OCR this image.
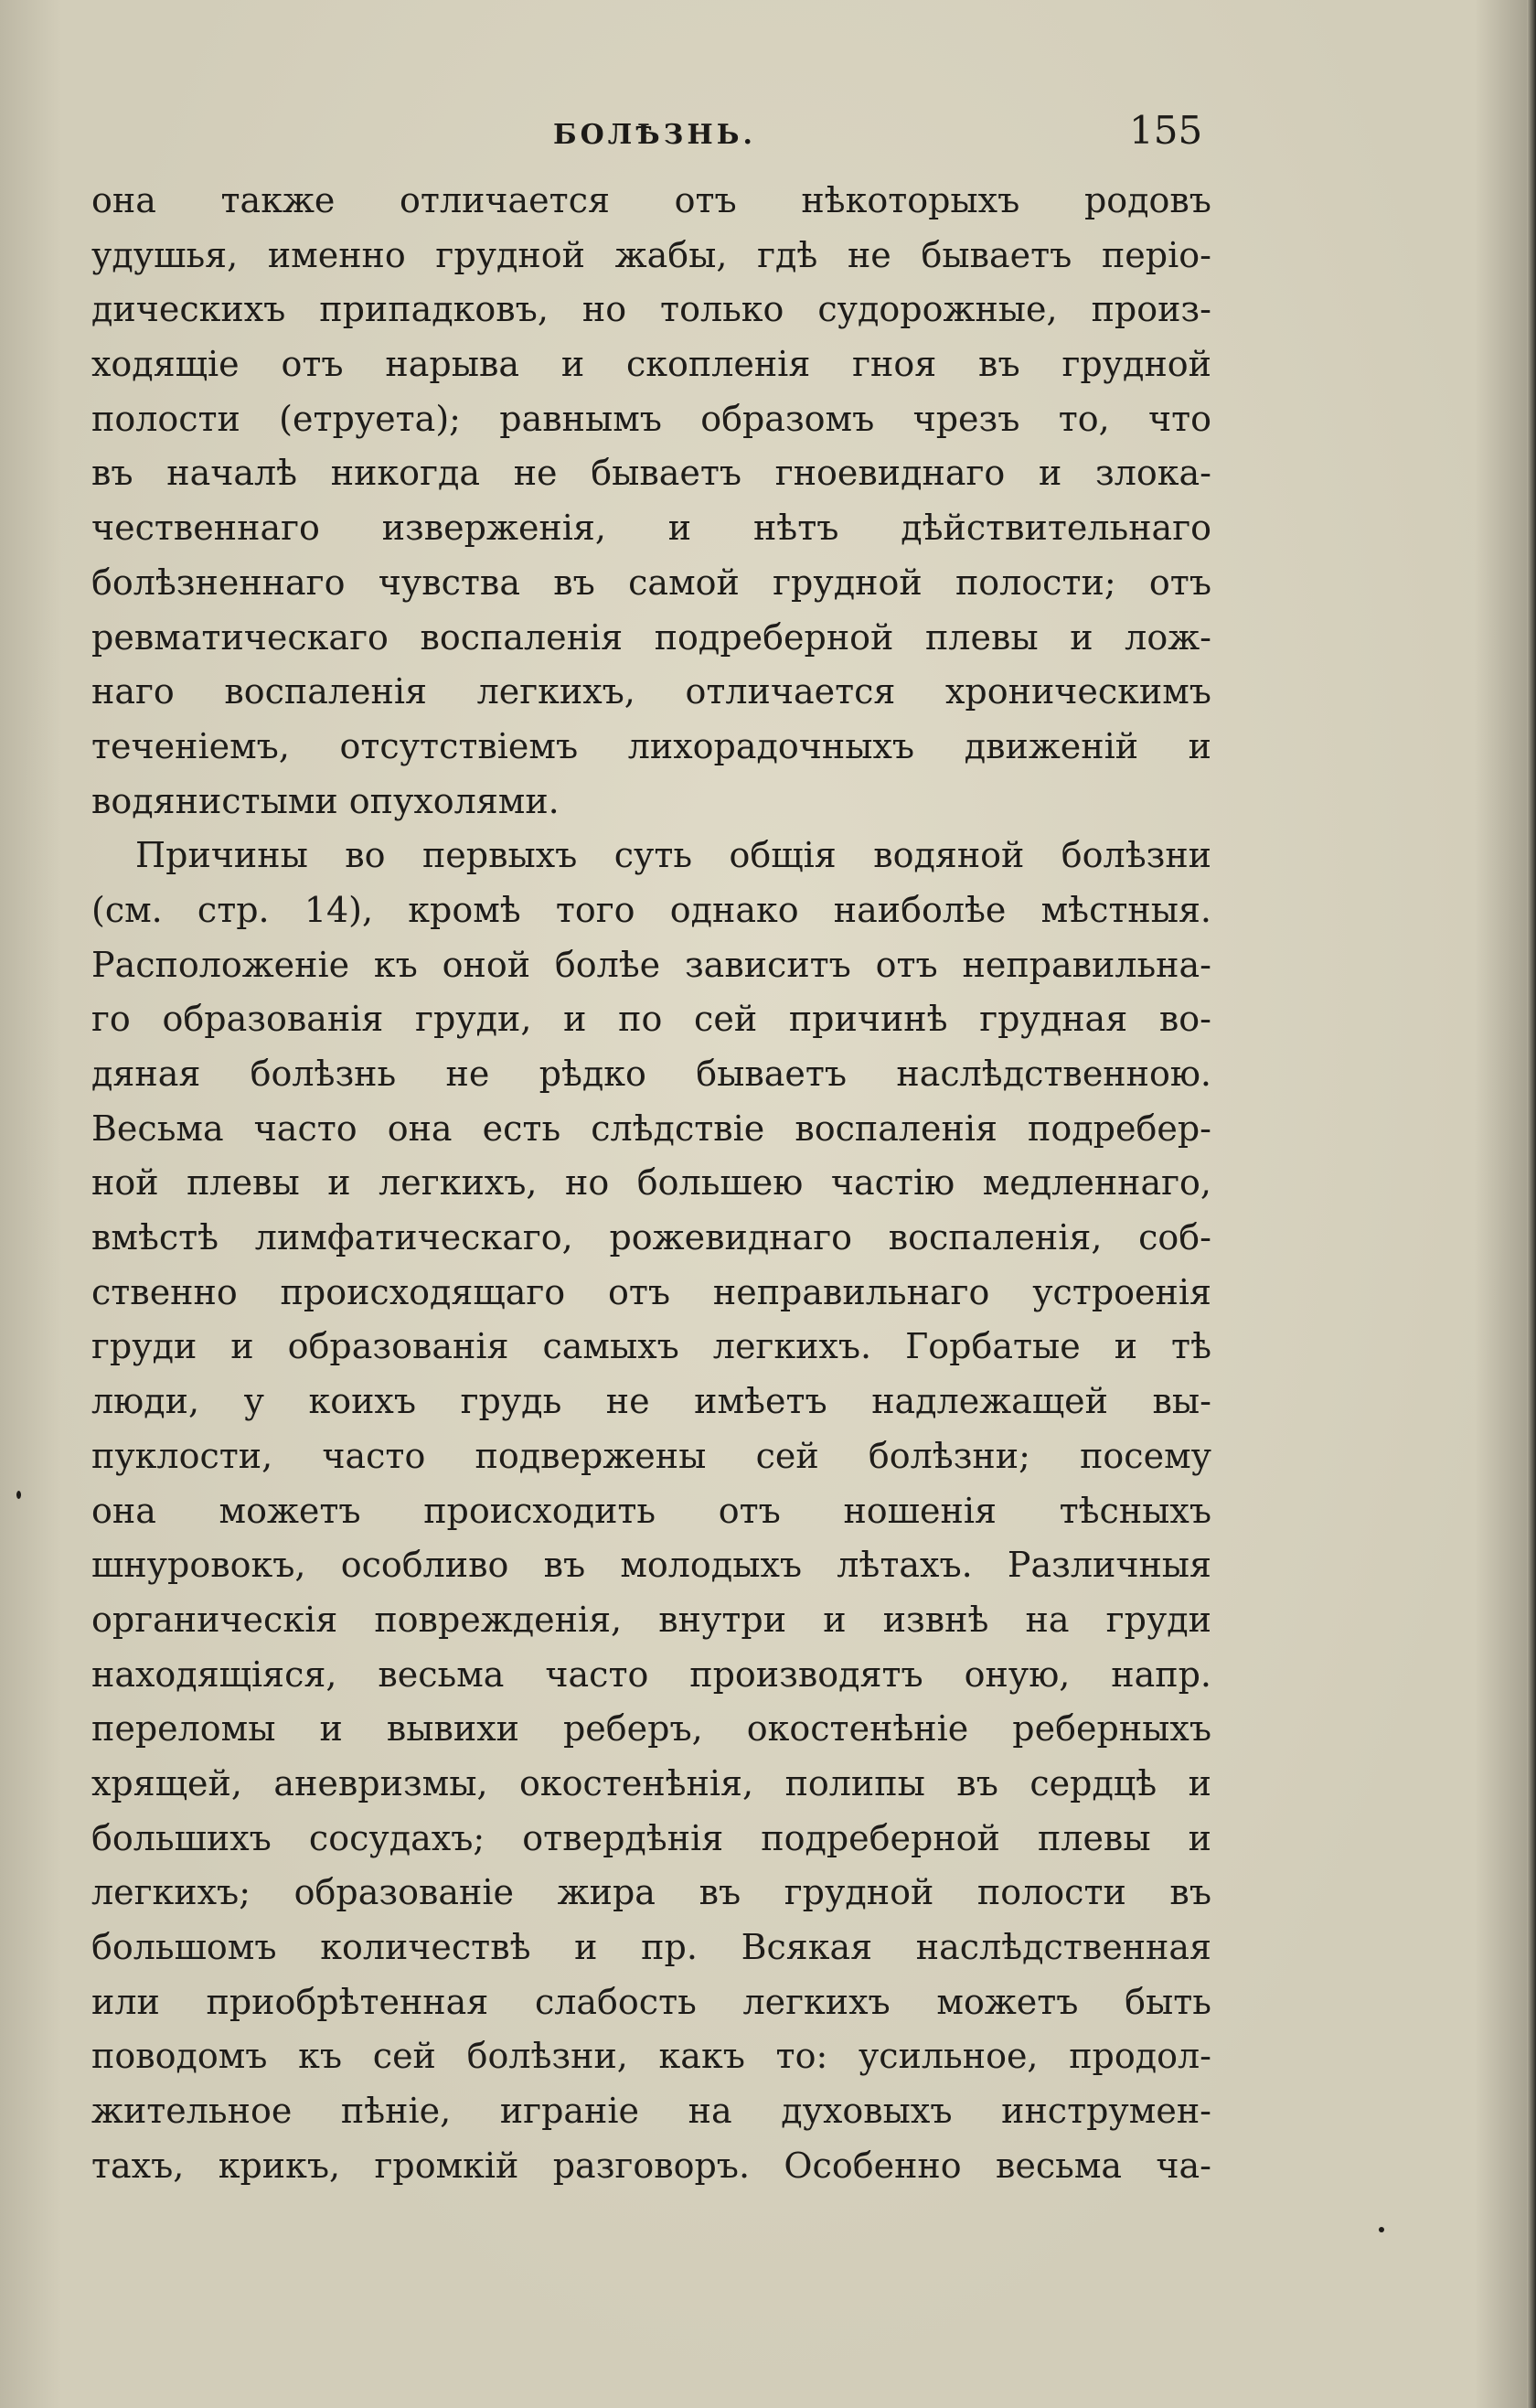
БОЛѢЗНЬ.	155
она также отличается отъ нѣкоторыхъ родовъ
удушья, именно грудной жабы, гдѣ не бываетъ періо-
дическихъ припадковъ, но только судорожные, произ-
ходящіе отъ нарыва и скопленія гноя въ грудной
полости (етруета); равнымъ образомъ чрезъ то, что
въ началѣ никогда не бываетъ гноевиднаго и злока-
чественнаго изверженія, и нѣтъ дѣйствительнаго
болѣзненнаго чувства въ самой грудной полости; отъ
ревматическаго воспаленія подреберной плевы и лож-
наго воспаленія легкихъ, отличается хроническимъ
теченіемъ, отсутствіемъ лихорадочныхъ движеній и
водянистыми опухолями.
Причины во первыхъ суть общія водяной болѣзни
(см. стр. 14), кромѣ того однако наиболѣе мѣстныя.
Расположеніе къ оной болѣе зависитъ отъ неправильна-
го образованія груди, и по сей причинѣ грудная во-
дяная болѣзнь не рѣдко бываетъ наслѣдственною.
Весьма часто она есть слѣдствіе воспаленія подребер-
ной плевы и легкихъ, но большею частію медленнаго,
вмѣстѣ лимфатическаго, рожевиднаго воспаленія, соб-
ственно происходящаго отъ неправильнаго устроенія
груди и образованія самыхъ легкихъ. Горбатые и тѣ
люди, у коихъ грудь не имѣетъ надлежащей вы-
пуклости, часто подвержены сей болѣзни; посему
она можетъ происходить отъ ношенія тѣсныхъ
шнуровокъ, особливо въ молодыхъ лѣтахъ. Различныя
органическія поврежденія, внутри и извнѣ на груди
находящіяся, весьма часто производятъ оную, напр.
переломы и вывихи реберъ, окостенѣніе реберныхъ
хрящей, аневризмы, окостенѣнія, полипы въ сердцѣ и
большихъ сосудахъ; отвердѣнія подреберной плевы и
легкихъ; образованіе жира въ грудной полости въ
большомъ количествѣ и пр. Всякая наслѣдственная
или приобрѣтенная слабость легкихъ можетъ быть
поводомъ къ сей болѣзни, какъ то: усильное, продол-
жительное пѣніе, играніе на духовыхъ инструмен-
тахъ, крикъ, громкій разговоръ. Особенно весьма ча-
